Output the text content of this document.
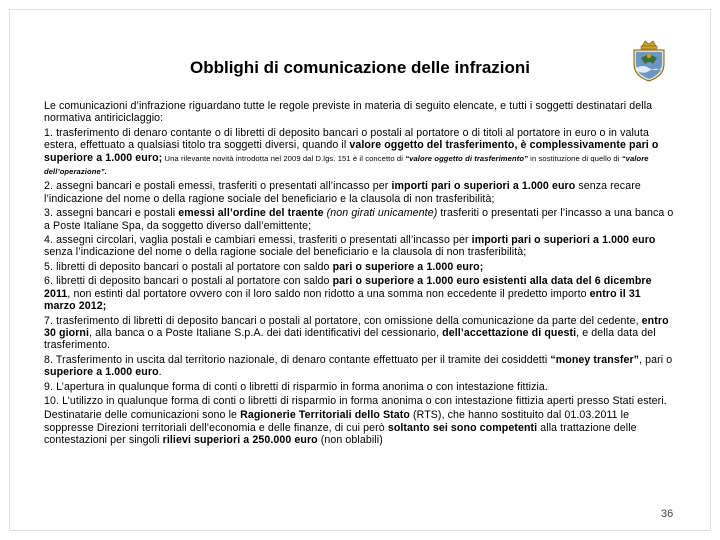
Obblighi di comunicazione delle infrazioni

Le comunicazioni d’infrazione riguardano tutte le regole previste in materia di seguito elencate, e tutti i soggetti destinatari della normativa antiriciclaggio:

1. trasferimento di denaro contante o di libretti di deposito bancari o postali al portatore o di titoli al portatore in euro o in valuta estera, effettuato a qualsiasi titolo tra soggetti diversi, quando il valore oggetto del trasferimento, è complessivamente pari o superiore a 1.000 euro; Una rilevante novità introdotta nel 2009 dal D.lgs. 151 è il concetto di “valore oggetto di trasferimento” in sostituzione di quello di “valore dell’operazione”.

2. assegni bancari e postali emessi, trasferiti o presentati all’incasso per importi pari o superiori a 1.000 euro senza recare l’indicazione del nome o della ragione sociale del beneficiario e la clausola di non trasferibilità;

3. assegni bancari e postali emessi all’ordine del traente (non girati unicamente) trasferiti o presentati per l’incasso a una banca o a Poste Italiane Spa, da soggetto diverso dall’emittente;

4. assegni circolari, vaglia postali e cambiari emessi, trasferiti o presentati all’incasso per importi pari o superiori a 1.000 euro senza l’indicazione del nome o della ragione sociale del beneficiario e la clausola di non trasferibilità;

5. libretti di deposito bancari o postali al portatore con saldo pari o superiore a 1.000 euro;

6. libretti di deposito bancari o postali al portatore con saldo pari o superiore a 1.000 euro esistenti alla data del 6 dicembre 2011, non estinti dal portatore ovvero con il loro saldo non ridotto a una somma non eccedente il predetto importo entro il 31 marzo 2012;

7. trasferimento di libretti di deposito bancari o postali al portatore, con omissione della comunicazione da parte del cedente, entro 30 giorni, alla banca o a Poste Italiane S.p.A. dei dati identificativi del cessionario, dell’accettazione di questi, e della data del trasferimento.

8. Trasferimento in uscita dal territorio nazionale, di denaro contante effettuato per il tramite dei cosiddetti “money transfer”, pari o superiore a 1.000 euro.

9. L’apertura in qualunque forma di conti o libretti di risparmio in forma anonima o con intestazione fittizia.

10. L’utilizzo in qualunque forma di conti o libretti di risparmio in forma anonima o con intestazione fittizia aperti presso Stati esteri.

Destinatarie delle comunicazioni sono le Ragionerie Territoriali dello Stato (RTS), che hanno sostituito dal 01.03.2011 le soppresse Direzioni territoriali dell’economia e delle finanze, di cui però soltanto sei sono competenti alla trattazione delle contestazioni per singoli rilievi superiori a 250.000 euro (non oblabili)

36
